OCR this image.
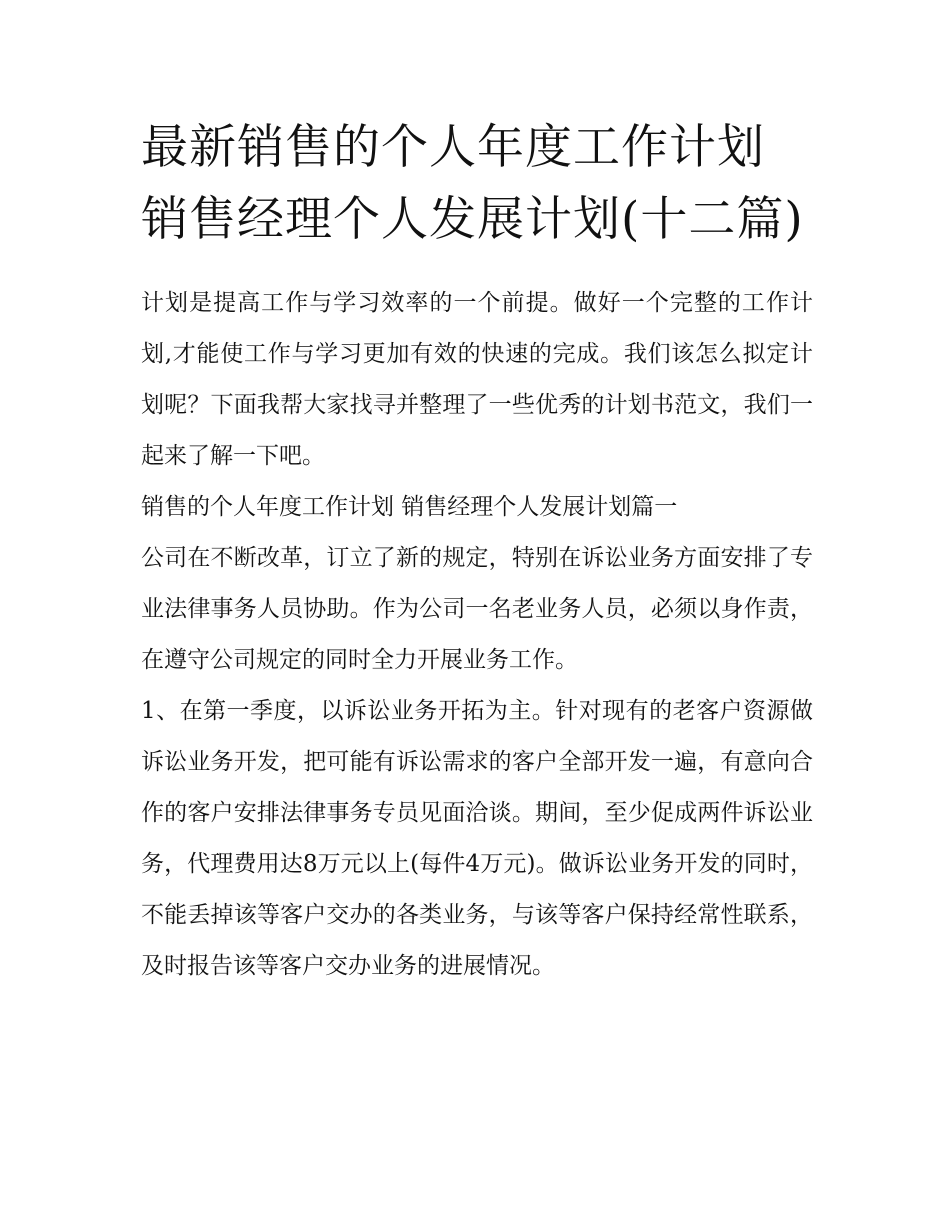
最新销售的个人年度工作计划 销售经理个人发展计划(十二篇)

计划是提高工作与学习效率的一个前提。做好一个完整的工作计划,才能使工作与学习更加有效的快速的完成。我们该怎么拟定计划呢？下面我帮大家找寻并整理了一些优秀的计划书范文，我们一起来了解一下吧。

销售的个人年度工作计划 销售经理个人发展计划篇一

公司在不断改革，订立了新的规定，特别在诉讼业务方面安排了专业法律事务人员协助。作为公司一名老业务人员，必须以身作责，在遵守公司规定的同时全力开展业务工作。

1、在第一季度，以诉讼业务开拓为主。针对现有的老客户资源做诉讼业务开发，把可能有诉讼需求的客户全部开发一遍，有意向合作的客户安排法律事务专员见面洽谈。期间，至少促成两件诉讼业务，代理费用达8万元以上(每件4万元)。做诉讼业务开发的同时，不能丢掉该等客户交办的各类业务，与该等客户保持经常性联系，及时报告该等客户交办业务的进展情况。
